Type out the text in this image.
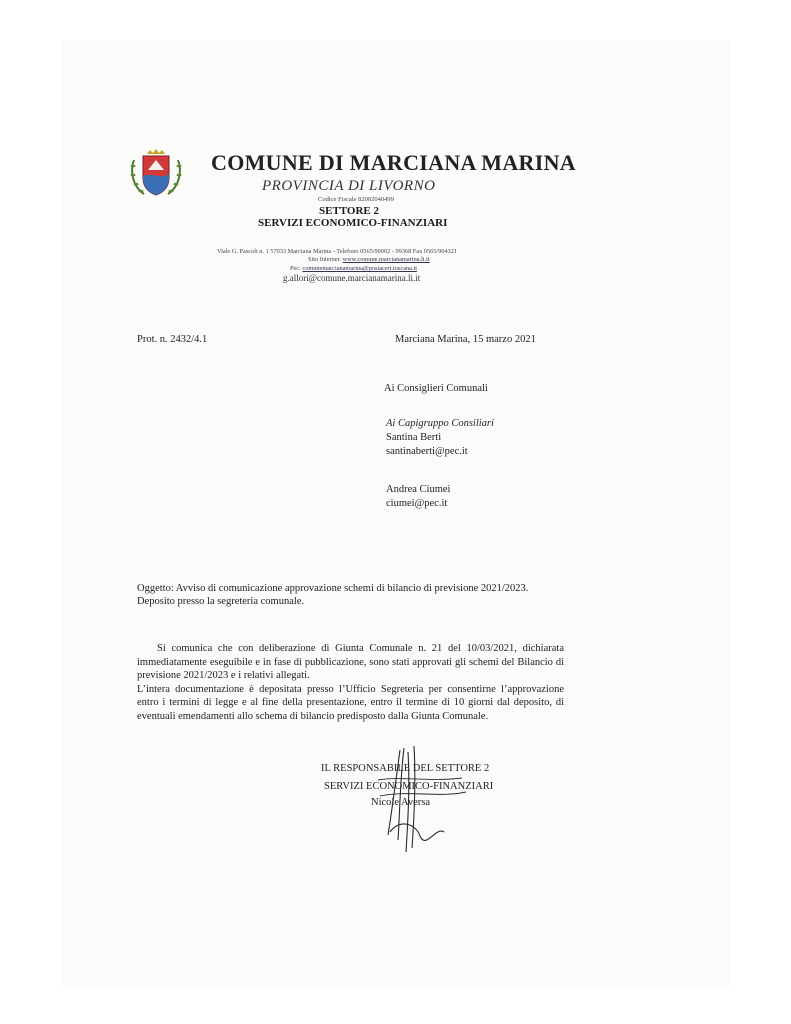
COMUNE DI MARCIANA MARINA
PROVINCIA DI LIVORNO
Codice Fiscale 82002040499
SETTORE 2
SERVIZI ECONOMICO-FINANZIARI
Viale G. Pascoli n. 1 57033 Marciana Marina - Telefono 0565/99002 - 99368 Fax 0565/904321
Sito Internet: www.comune.marcianamarina.li.it
Pec: comunemarcianamarina@postacert.toscana.it
g.allori@comune.marcianamarina.li.it
Prot. n. 2432/4.1	Marciana Marina, 15 marzo 2021
Ai Consiglieri Comunali
Ai Capigruppo Consiliari
Santina Berti
santinaberti@pec.it
Andrea Ciumei
ciumei@pec.it
Oggetto: Avviso di comunicazione approvazione schemi di bilancio di previsione 2021/2023.
Deposito presso la segreteria comunale.

Si comunica che con deliberazione di Giunta Comunale n. 21 del 10/03/2021, dichiarata immediatamente eseguibile e in fase di pubblicazione, sono stati approvati gli schemi del Bilancio di previsione 2021/2023 e i relativi allegati.

L’intera documentazione è depositata presso l’Ufficio Segreteria per consentirne l’approvazione entro i termini di legge e al fine della presentazione, entro il termine di 10 giorni dal deposito, di eventuali emendamenti allo schema di bilancio predisposto dalla Giunta Comunale.

IL RESPONSABILE DEL SETTORE 2
SERVIZI ECONOMICO-FINANZIARI
Nicole Aversa
